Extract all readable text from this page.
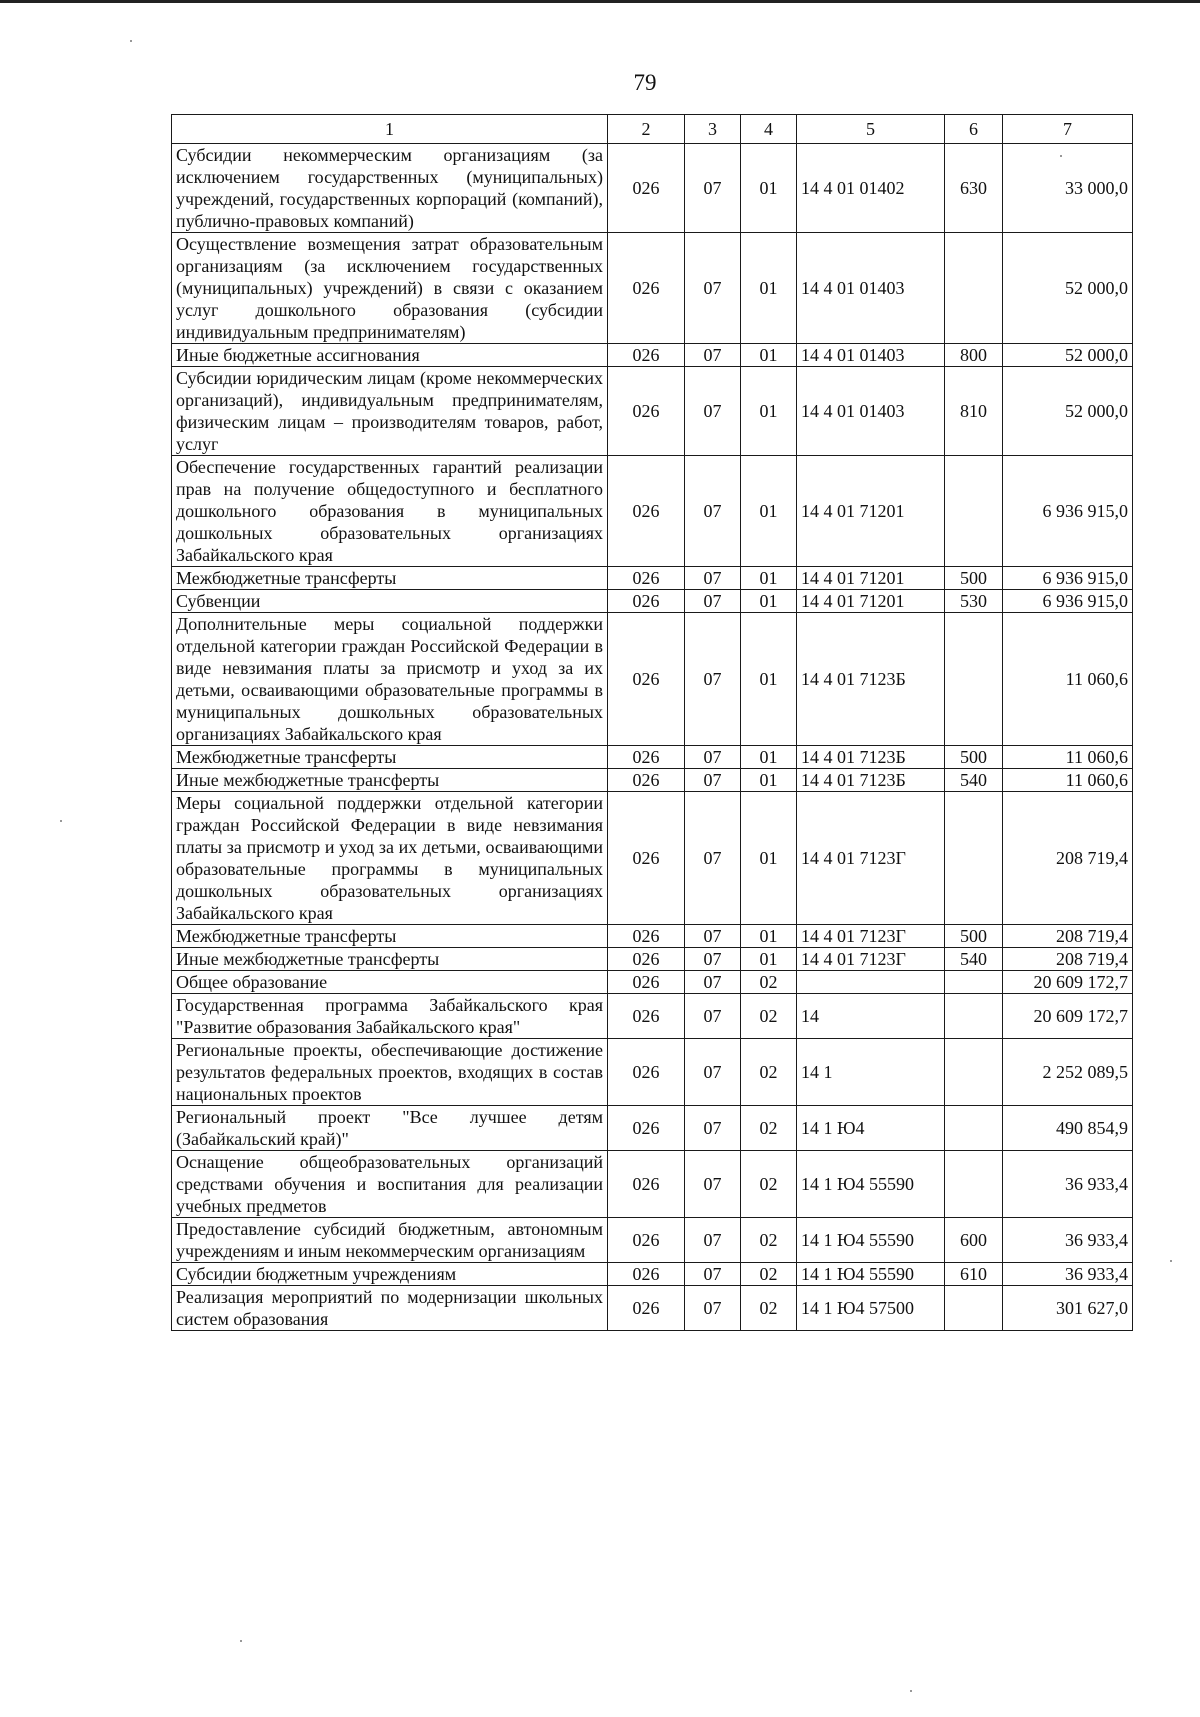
79
1	2	3	4	5	6	7
Субсидии некоммерческим организациям (за исключением государственных (муниципальных) учреждений, государственных корпораций (компаний), публично-правовых компаний)	026	07	01	14 4 01 01402	630	33 000,0
Осуществление возмещения затрат образовательным организациям (за исключением государственных (муниципальных) учреждений) в связи с оказанием услуг дошкольного образования (субсидии индивидуальным предпринимателям)	026	07	01	14 4 01 01403		52 000,0
Иные бюджетные ассигнования	026	07	01	14 4 01 01403	800	52 000,0
Субсидии юридическим лицам (кроме некоммерческих организаций), индивидуальным предпринимателям, физическим лицам – производителям товаров, работ, услуг	026	07	01	14 4 01 01403	810	52 000,0
Обеспечение государственных гарантий реализации прав на получение общедоступного и бесплатного дошкольного образования в муниципальных дошкольных образовательных организациях Забайкальского края	026	07	01	14 4 01 71201		6 936 915,0
Межбюджетные трансферты	026	07	01	14 4 01 71201	500	6 936 915,0
Субвенции	026	07	01	14 4 01 71201	530	6 936 915,0
Дополнительные меры социальной поддержки отдельной категории граждан Российской Федерации в виде невзимания платы за присмотр и уход за их детьми, осваивающими образовательные программы в муниципальных дошкольных образовательных организациях Забайкальского края	026	07	01	14 4 01 7123Б		11 060,6
Межбюджетные трансферты	026	07	01	14 4 01 7123Б	500	11 060,6
Иные межбюджетные трансферты	026	07	01	14 4 01 7123Б	540	11 060,6
Меры социальной поддержки отдельной категории граждан Российской Федерации в виде невзимания платы за присмотр и уход за их детьми, осваивающими образовательные программы в муниципальных дошкольных образовательных организациях Забайкальского края	026	07	01	14 4 01 7123Г		208 719,4
Межбюджетные трансферты	026	07	01	14 4 01 7123Г	500	208 719,4
Иные межбюджетные трансферты	026	07	01	14 4 01 7123Г	540	208 719,4
Общее образование	026	07	02			20 609 172,7
Государственная программа Забайкальского края "Развитие образования Забайкальского края"	026	07	02	14		20 609 172,7
Региональные проекты, обеспечивающие достижение результатов федеральных проектов, входящих в состав национальных проектов	026	07	02	14 1		2 252 089,5
Региональный проект "Все лучшее детям (Забайкальский край)"	026	07	02	14 1 Ю4		490 854,9
Оснащение общеобразовательных организаций средствами обучения и воспитания для реализации учебных предметов	026	07	02	14 1 Ю4 55590		36 933,4
Предоставление субсидий бюджетным, автономным учреждениям и иным некоммерческим организациям	026	07	02	14 1 Ю4 55590	600	36 933,4
Субсидии бюджетным учреждениям	026	07	02	14 1 Ю4 55590	610	36 933,4
Реализация мероприятий по модернизации школьных систем образования	026	07	02	14 1 Ю4 57500		301 627,0
